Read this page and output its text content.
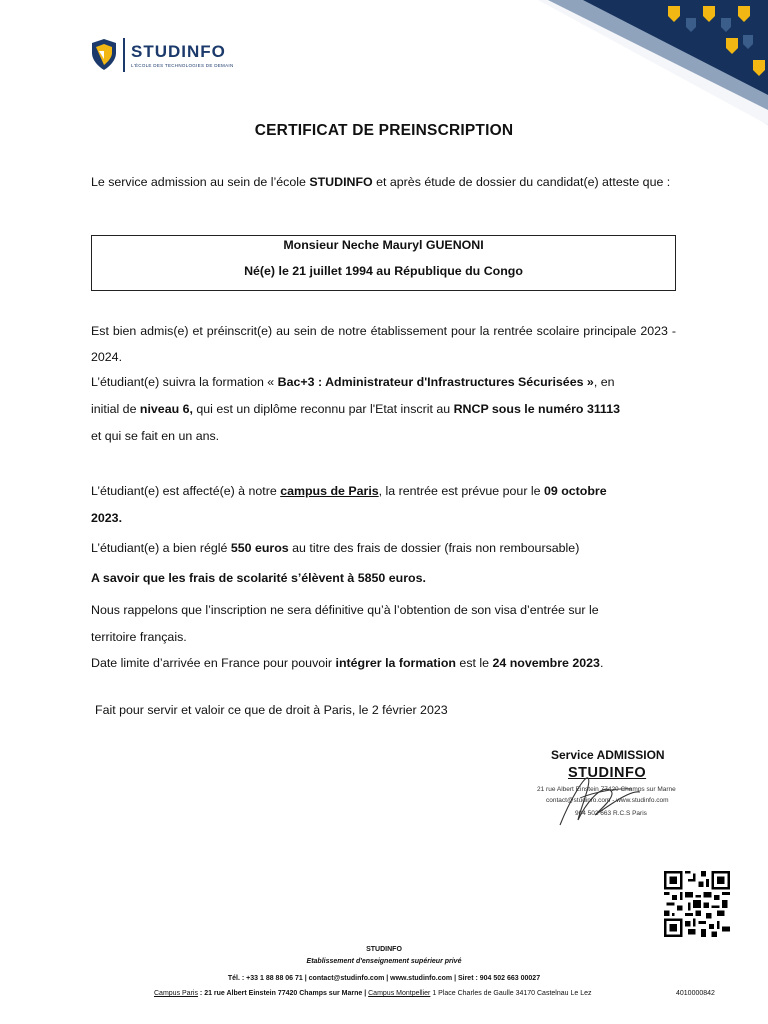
STUDINFO
L'ÉCOLE DES TECHNOLOGIES DE DEMAIN
CERTIFICAT DE PREINSCRIPTION
Le service admission au sein de l’école STUDINFO et après étude de dossier du candidat(e) atteste que :
Monsieur Neche Mauryl GUENONI
Né(e) le 21 juillet 1994 au République du Congo
Est bien admis(e) et préinscrit(e) au sein de notre établissement pour la rentrée scolaire principale 2023 - 2024.
L’étudiant(e) suivra la formation « Bac+3 : Administrateur d'Infrastructures Sécurisées », en
initial de niveau 6, qui est un diplôme reconnu par l'Etat inscrit au RNCP sous le numéro 31113
et qui se fait en un ans.
L’étudiant(e) est affecté(e) à notre campus de Paris, la rentrée est prévue pour le 09 octobre
2023.
L’étudiant(e) a bien réglé 550 euros au titre des frais de dossier (frais non remboursable)
A savoir que les frais de scolarité s’élèvent à 5850 euros.
Nous rappelons que l’inscription ne sera définitive qu’à l’obtention de son visa d’entrée sur le
territoire français.
Date limite d’arrivée en France pour pouvoir intégrer la formation est le 24 novembre 2023.
Fait pour servir et valoir ce que de droit à Paris, le 2 février 2023
Service ADMISSION
STUDINFO
21 rue Albert Einstein 77420 Champs sur Marne
contact@studinfo.com - www.studinfo.com
904 502 663 R.C.S Paris
STUDINFO
Etablissement d'enseignement supérieur privé
Tél. : +33 1 88 88 06 71 | contact@studinfo.com | www.studinfo.com | Siret : 904 502 663 00027
Campus Paris : 21 rue Albert Einstein 77420 Champs sur Marne | Campus Montpellier 1 Place Charles de Gaulle 34170 Castelnau Le Lez	4010000842
